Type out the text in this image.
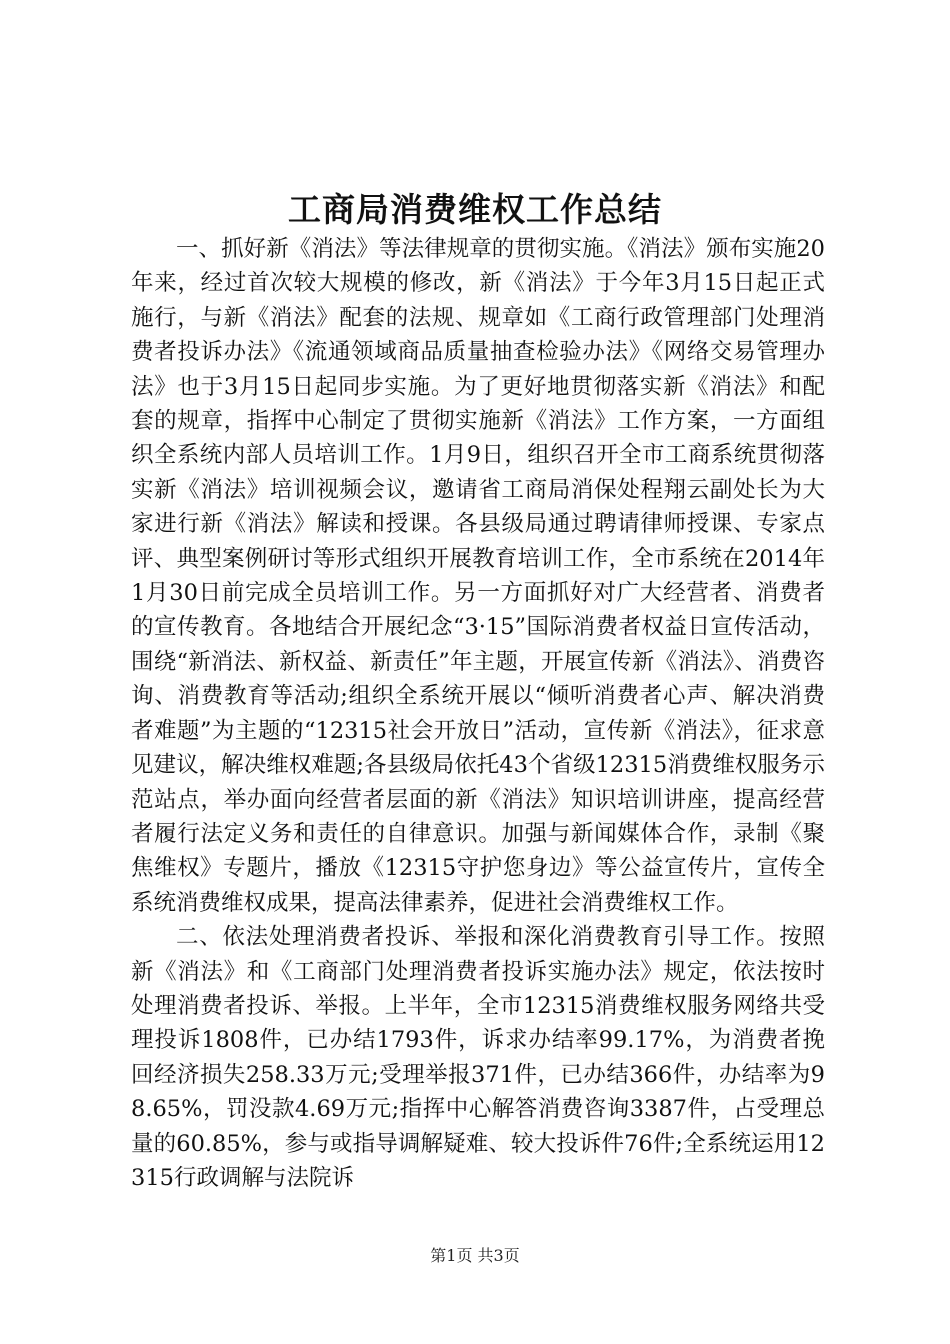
工商局消费维权工作总结

一、抓好新《消法》等法律规章的贯彻实施。《消法》颁布实施20年来，经过首次较大规模的修改，新《消法》于今年3月15日起正式施行，与新《消法》配套的法规、规章如《工商行政管理部门处理消费者投诉办法》《流通领域商品质量抽查检验办法》《网络交易管理办法》也于3月15日起同步实施。为了更好地贯彻落实新《消法》和配套的规章，指挥中心制定了贯彻实施新《消法》工作方案，一方面组织全系统内部人员培训工作。1月9日，组织召开全市工商系统贯彻落实新《消法》培训视频会议，邀请省工商局消保处程翔云副处长为大家进行新《消法》解读和授课。各县级局通过聘请律师授课、专家点评、典型案例研讨等形式组织开展教育培训工作，全市系统在2014年1月30日前完成全员培训工作。另一方面抓好对广大经营者、消费者的宣传教育。各地结合开展纪念“3·15”国际消费者权益日宣传活动，围绕“新消法、新权益、新责任”年主题，开展宣传新《消法》、消费咨询、消费教育等活动;组织全系统开展以“倾听消费者心声、解决消费者难题”为主题的“12315社会开放日”活动，宣传新《消法》，征求意见建议，解决维权难题;各县级局依托43个省级12315消费维权服务示范站点，举办面向经营者层面的新《消法》知识培训讲座，提高经营者履行法定义务和责任的自律意识。加强与新闻媒体合作，录制《聚焦维权》专题片，播放《12315守护您身边》等公益宣传片，宣传全系统消费维权成果，提高法律素养，促进社会消费维权工作。

二、依法处理消费者投诉、举报和深化消费教育引导工作。按照新《消法》和《工商部门处理消费者投诉实施办法》规定，依法按时处理消费者投诉、举报。上半年，全市12315消费维权服务网络共受理投诉1808件，已办结1793件，诉求办结率99.17%，为消费者挽回经济损失258.33万元;受理举报371件，已办结366件，办结率为98.65%，罚没款4.69万元;指挥中心解答消费咨询3387件，占受理总量的60.85%，参与或指导调解疑难、较大投诉件76件;全系统运用12315行政调解与法院诉

第1页 共3页
